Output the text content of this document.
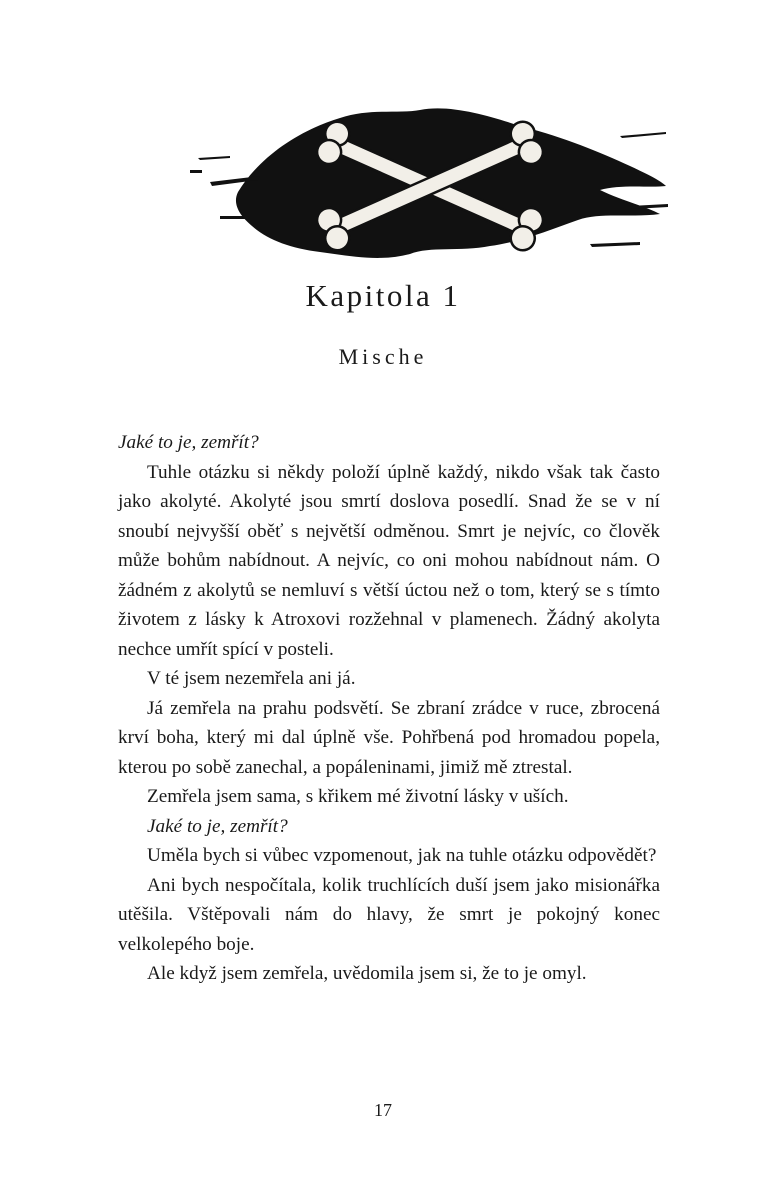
Kapitola 1
Mische

Jaké to je, zemřít?

Tuhle otázku si někdy položí úplně každý, nikdo však tak často jako akolyté. Akolyté jsou smrtí doslova posedlí. Snad že se v ní snoubí nejvyšší oběť s největší odměnou. Smrt je nejvíc, co člověk může bohům nabídnout. A nejvíc, co oni mohou nabídnout nám. O žádném z akolytů se nemluví s větší úctou než o tom, který se s tímto životem z lásky k Atroxovi rozžehnal v plamenech. Žádný akolyta nechce umřít spící v posteli.

V té jsem nezemřela ani já.

Já zemřela na prahu podsvětí. Se zbraní zrádce v ruce, zbrocená krví boha, který mi dal úplně vše. Pohřbená pod hromadou popela, kterou po sobě zanechal, a popáleninami, jimiž mě ztrestal.

Zemřela jsem sama, s křikem mé životní lásky v uších.

Jaké to je, zemřít?

Uměla bych si vůbec vzpomenout, jak na tuhle otázku odpovědět?

Ani bych nespočítala, kolik truchlících duší jsem jako misionářka utěšila. Vštěpovali nám do hlavy, že smrt je pokojný konec velkolepého boje.

Ale když jsem zemřela, uvědomila jsem si, že to je omyl.

17
